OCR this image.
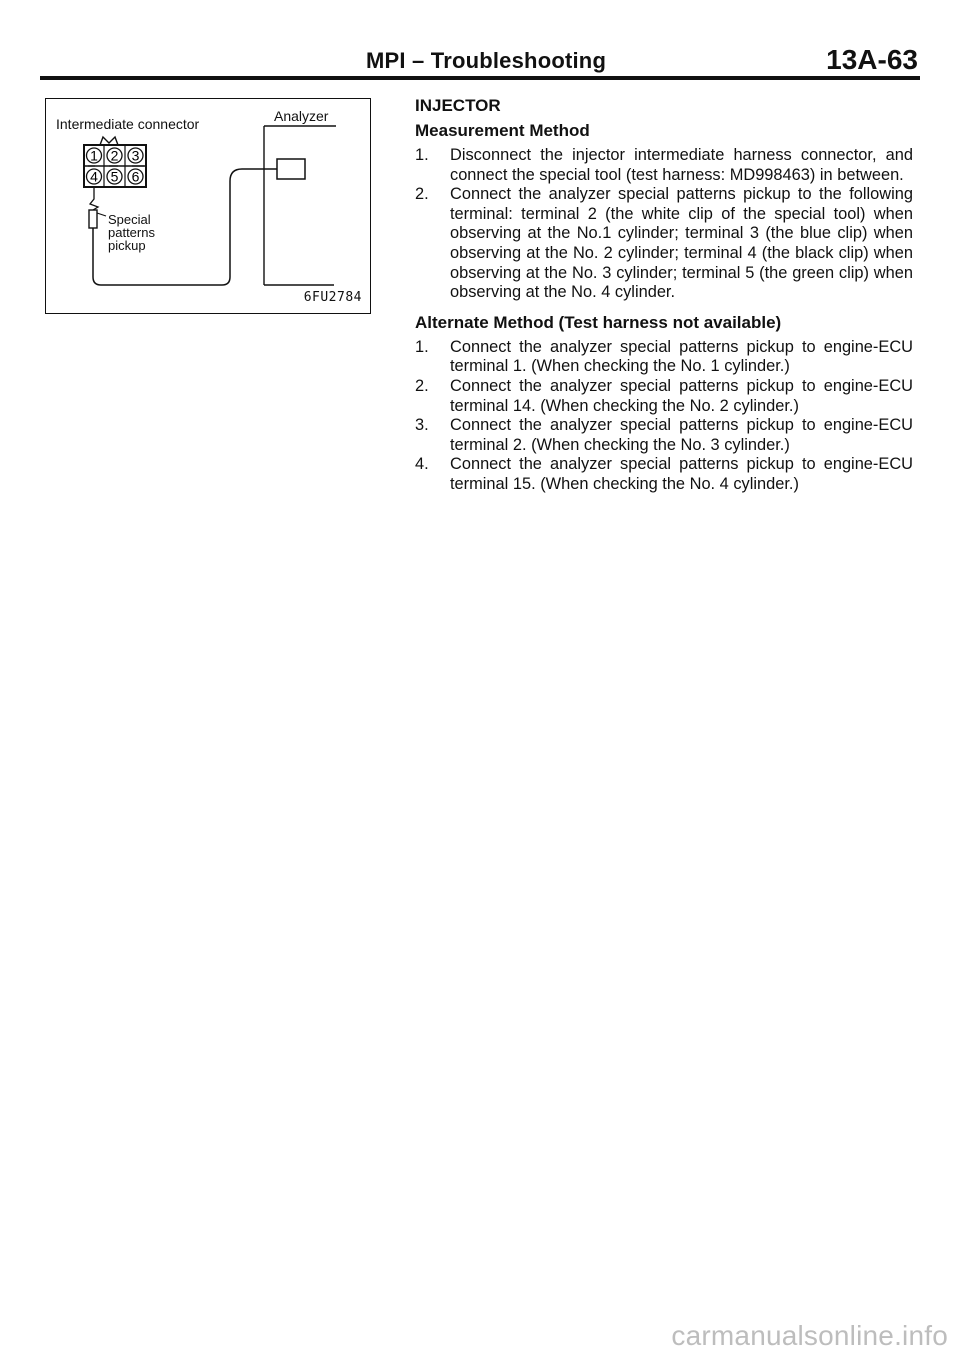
MPI – Troubleshooting	13A-63
1 2 3
4 5 6
Intermediate connector	Analyzer
Special
patterns
pickup
6FU2784
INJECTOR
Measurement Method
1. Disconnect the injector intermediate harness connector, and connect the special tool (test harness: MD998463) in between.
2. Connect the analyzer special patterns pickup to the following terminal: terminal 2 (the white clip of the special tool) when observing at the No.1 cylinder; terminal 3 (the blue clip) when observing at the No. 2 cylinder; terminal 4 (the black clip) when observing at the No. 3 cylinder; terminal 5 (the green clip) when observing at the No. 4 cylinder.
Alternate Method (Test harness not available)
1. Connect the analyzer special patterns pickup to engine-ECU terminal 1. (When checking the No. 1 cylinder.)
2. Connect the analyzer special patterns pickup to engine-ECU terminal 14. (When checking the No. 2 cylinder.)
3. Connect the analyzer special patterns pickup to engine-ECU terminal 2. (When checking the No. 3 cylinder.)
4. Connect the analyzer special patterns pickup to engine-ECU terminal 15. (When checking the No. 4 cylinder.)
carmanualsonline.info
